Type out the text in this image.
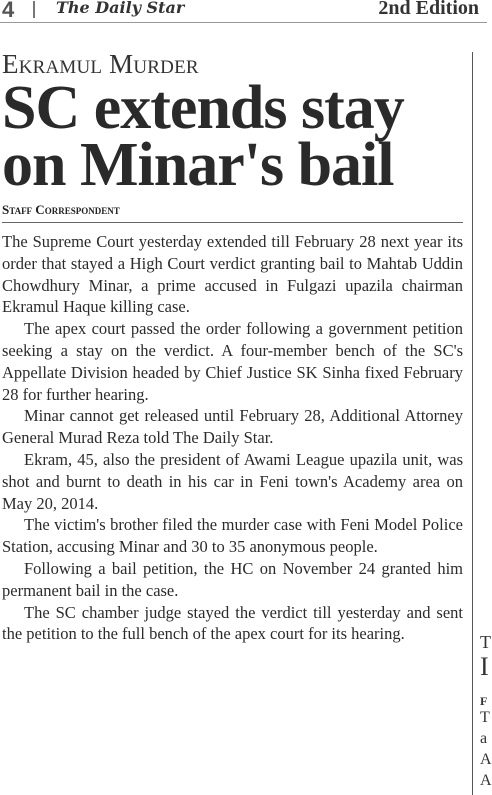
4	The Daily Star	2nd Edition
Ekramul Murder
SC extends stay on Minar's bail
Staff Correspondent

The Supreme Court yesterday extended till February 28 next year its order that stayed a High Court verdict granting bail to Mahtab Uddin Chowdhury Minar, a prime accused in Fulgazi upazila chairman Ekramul Haque killing case.

The apex court passed the order following a government petition seeking a stay on the verdict. A four-member bench of the SC's Appellate Division headed by Chief Justice SK Sinha fixed February 28 for further hearing.

Minar cannot get released until February 28, Additional Attorney General Murad Reza told The Daily Star.

Ekram, 45, also the president of Awami League upazila unit, was shot and burnt to death in his car in Feni town's Academy area on May 20, 2014.

The victim's brother filed the murder case with Feni Model Police Station, accusing Minar and 30 to 35 anonymous people.

Following a bail petition, the HC on November 24 granted him permanent bail in the case.

The SC chamber judge stayed the verdict till yesterday and sent the petition to the full bench of the apex court for its hearing.	T
I
F
T
a
A
A
